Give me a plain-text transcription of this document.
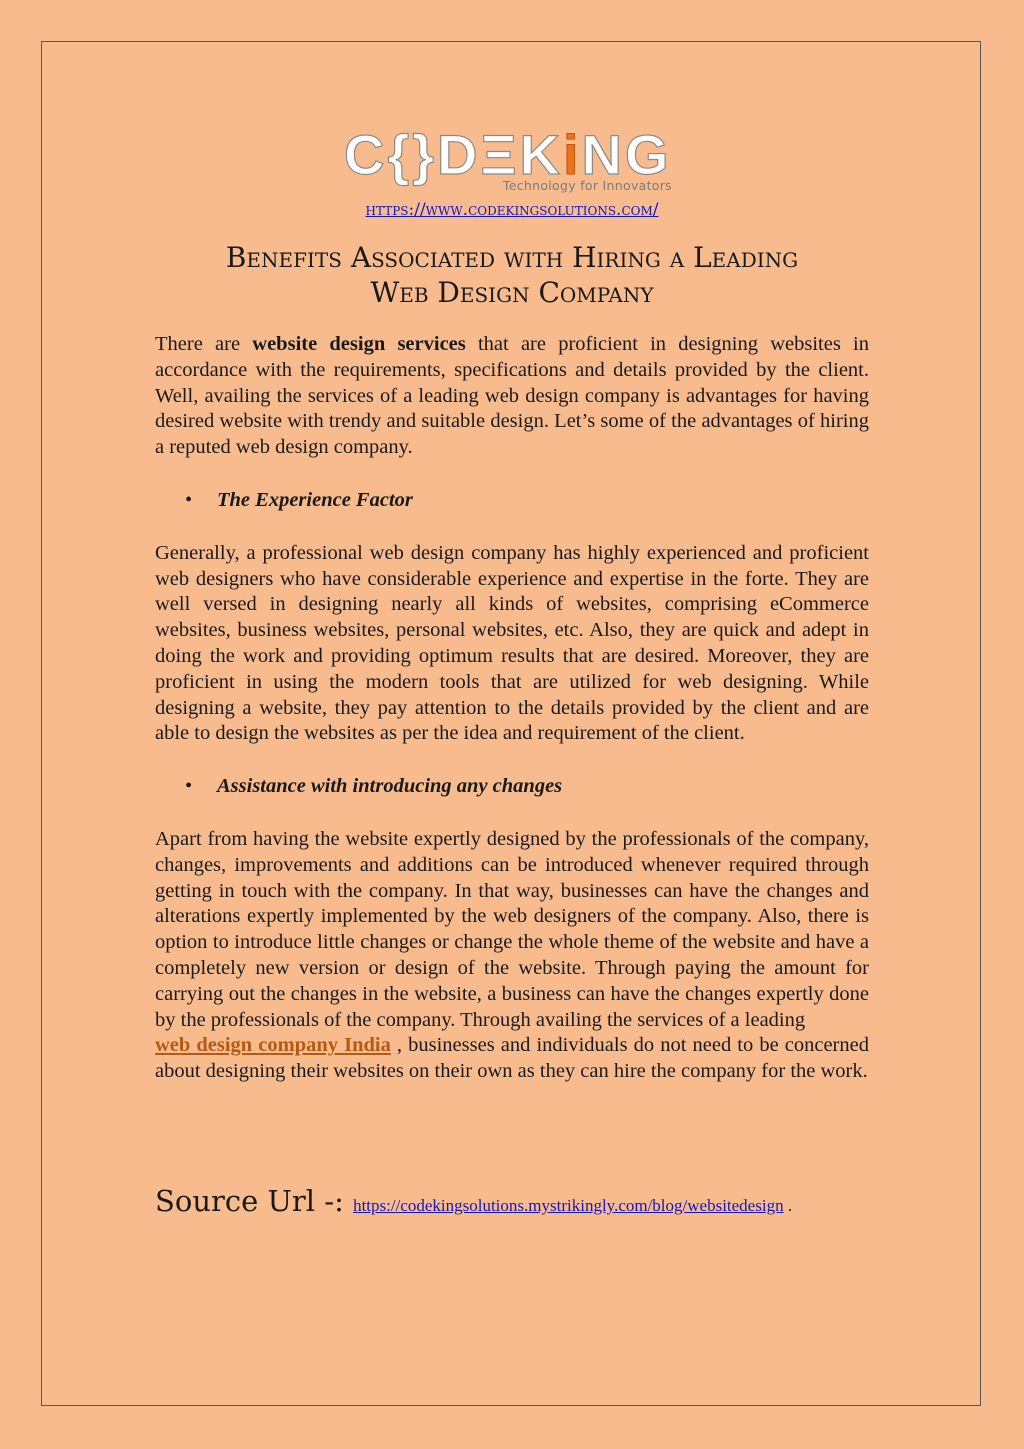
C{}DΞKiNG
Technology for Innovators
https://www.codekingsolutions.com/
Benefits Associated with Hiring a Leading
Web Design Company

There are website design services that are proficient in designing websites in accordance with the requirements, specifications and details provided by the client. Well, availing the services of a leading web design company is advantages for having desired website with trendy and suitable design. Let’s some of the advantages of hiring a reputed web design company.

•	The Experience Factor

Generally, a professional web design company has highly experienced and proficient web designers who have considerable experience and expertise in the forte. They are well versed in designing nearly all kinds of websites, comprising eCommerce websites, business websites, personal websites, etc. Also, they are quick and adept in doing the work and providing optimum results that are desired. Moreover, they are proficient in using the modern tools that are utilized for web designing. While designing a website, they pay attention to the details provided by the client and are able to design the websites as per the idea and requirement of the client.

•	Assistance with introducing any changes

Apart from having the website expertly designed by the professionals of the company, changes, improvements and additions can be introduced whenever required through getting in touch with the company. In that way, businesses can have the changes and alterations expertly implemented by the web designers of the company. Also, there is option to introduce little changes or change the whole theme of the website and have a completely new version or design of the website. Through paying the amount for carrying out the changes in the website, a business can have the changes expertly done by the professionals of the company. Through availing the services of a leading
web design company India , businesses and individuals do not need to be concerned about designing their websites on their own as they can hire the company for the work.

Source Url -: https://codekingsolutions.mystrikingly.com/blog/websitedesign .
